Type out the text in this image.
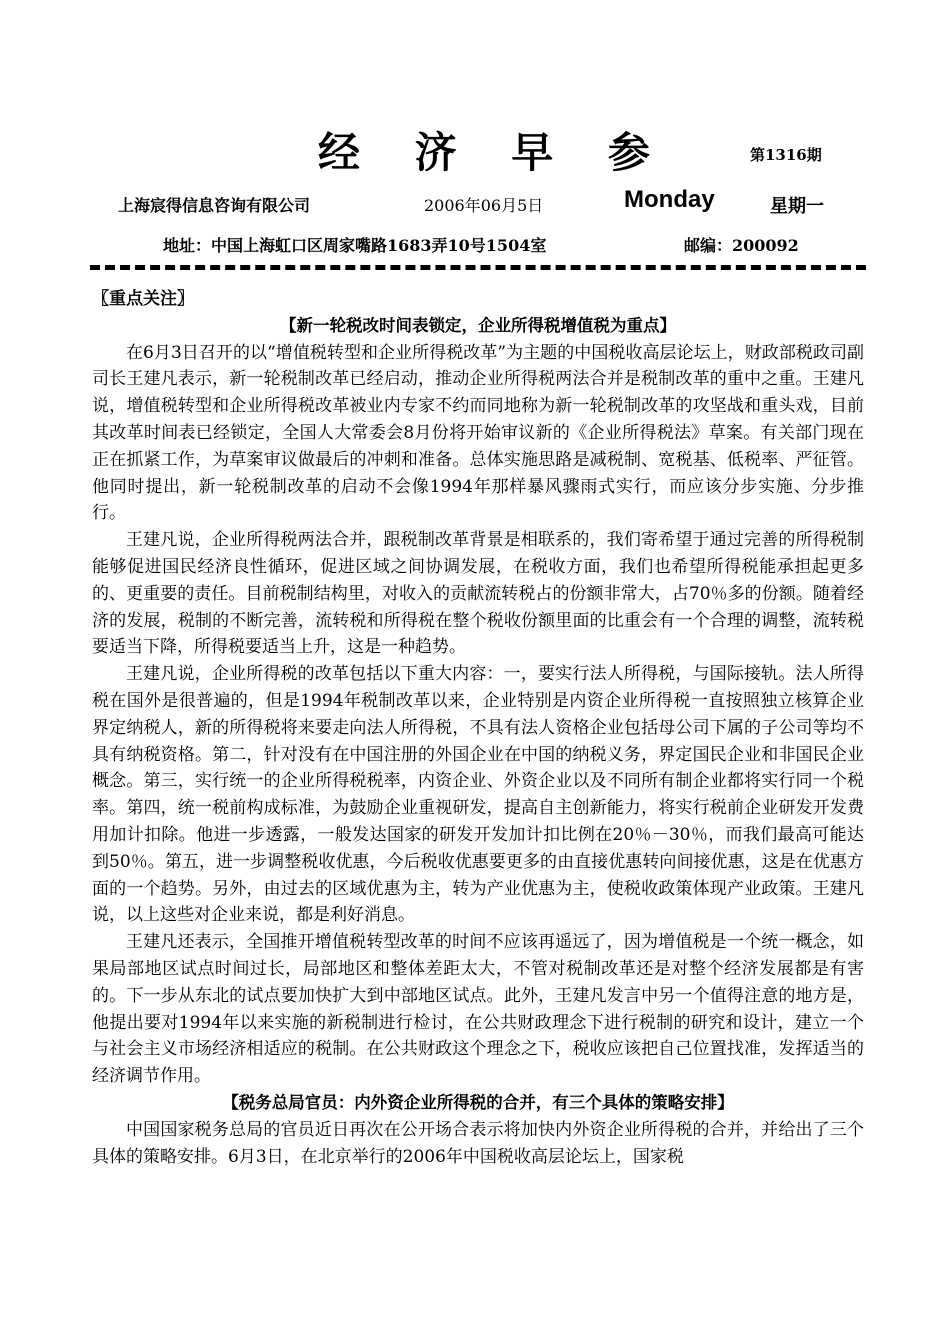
经 济 早 参	第1316期
上海宸得信息咨询有限公司	2006年06月5日	Monday	星期一
地址：中国上海虹口区周家嘴路1683弄10号1504室	邮编：200092
〖重点关注〗
【新一轮税改时间表锁定，企业所得税增值税为重点】

在6月3日召开的以“增值税转型和企业所得税改革”为主题的中国税收高层论坛上，财政部税政司副司长王建凡表示，新一轮税制改革已经启动，推动企业所得税两法合并是税制改革的重中之重。王建凡说，增值税转型和企业所得税改革被业内专家不约而同地称为新一轮税制改革的攻坚战和重头戏，目前其改革时间表已经锁定，全国人大常委会8月份将开始审议新的《企业所得税法》草案。有关部门现在正在抓紧工作，为草案审议做最后的冲刺和准备。总体实施思路是减税制、宽税基、低税率、严征管。他同时提出，新一轮税制改革的启动不会像1994年那样暴风骤雨式实行，而应该分步实施、分步推行。

王建凡说，企业所得税两法合并，跟税制改革背景是相联系的，我们寄希望于通过完善的所得税制能够促进国民经济良性循环，促进区域之间协调发展，在税收方面，我们也希望所得税能承担起更多的、更重要的责任。目前税制结构里，对收入的贡献流转税占的份额非常大，占70％多的份额。随着经济的发展，税制的不断完善，流转税和所得税在整个税收份额里面的比重会有一个合理的调整，流转税要适当下降，所得税要适当上升，这是一种趋势。

王建凡说，企业所得税的改革包括以下重大内容：一，要实行法人所得税，与国际接轨。法人所得税在国外是很普遍的，但是1994年税制改革以来，企业特别是内资企业所得税一直按照独立核算企业界定纳税人，新的所得税将来要走向法人所得税，不具有法人资格企业包括母公司下属的子公司等均不具有纳税资格。第二，针对没有在中国注册的外国企业在中国的纳税义务，界定国民企业和非国民企业概念。第三，实行统一的企业所得税税率，内资企业、外资企业以及不同所有制企业都将实行同一个税率。第四，统一税前构成标准，为鼓励企业重视研发，提高自主创新能力，将实行税前企业研发开发费用加计扣除。他进一步透露，一般发达国家的研发开发加计扣比例在20％－30％，而我们最高可能达到50％。第五，进一步调整税收优惠，今后税收优惠要更多的由直接优惠转向间接优惠，这是在优惠方面的一个趋势。另外，由过去的区域优惠为主，转为产业优惠为主，使税收政策体现产业政策。王建凡说，以上这些对企业来说，都是利好消息。

王建凡还表示，全国推开增值税转型改革的时间不应该再遥远了，因为增值税是一个统一概念，如果局部地区试点时间过长，局部地区和整体差距太大，不管对税制改革还是对整个经济发展都是有害的。下一步从东北的试点要加快扩大到中部地区试点。此外，王建凡发言中另一个值得注意的地方是，他提出要对1994年以来实施的新税制进行检讨，在公共财政理念下进行税制的研究和设计，建立一个与社会主义市场经济相适应的税制。在公共财政这个理念之下，税收应该把自己位置找准，发挥适当的经济调节作用。

【税务总局官员：内外资企业所得税的合并，有三个具体的策略安排】

中国国家税务总局的官员近日再次在公开场合表示将加快内外资企业所得税的合并，并给出了三个具体的策略安排。6月3日，在北京举行的2006年中国税收高层论坛上，国家税
